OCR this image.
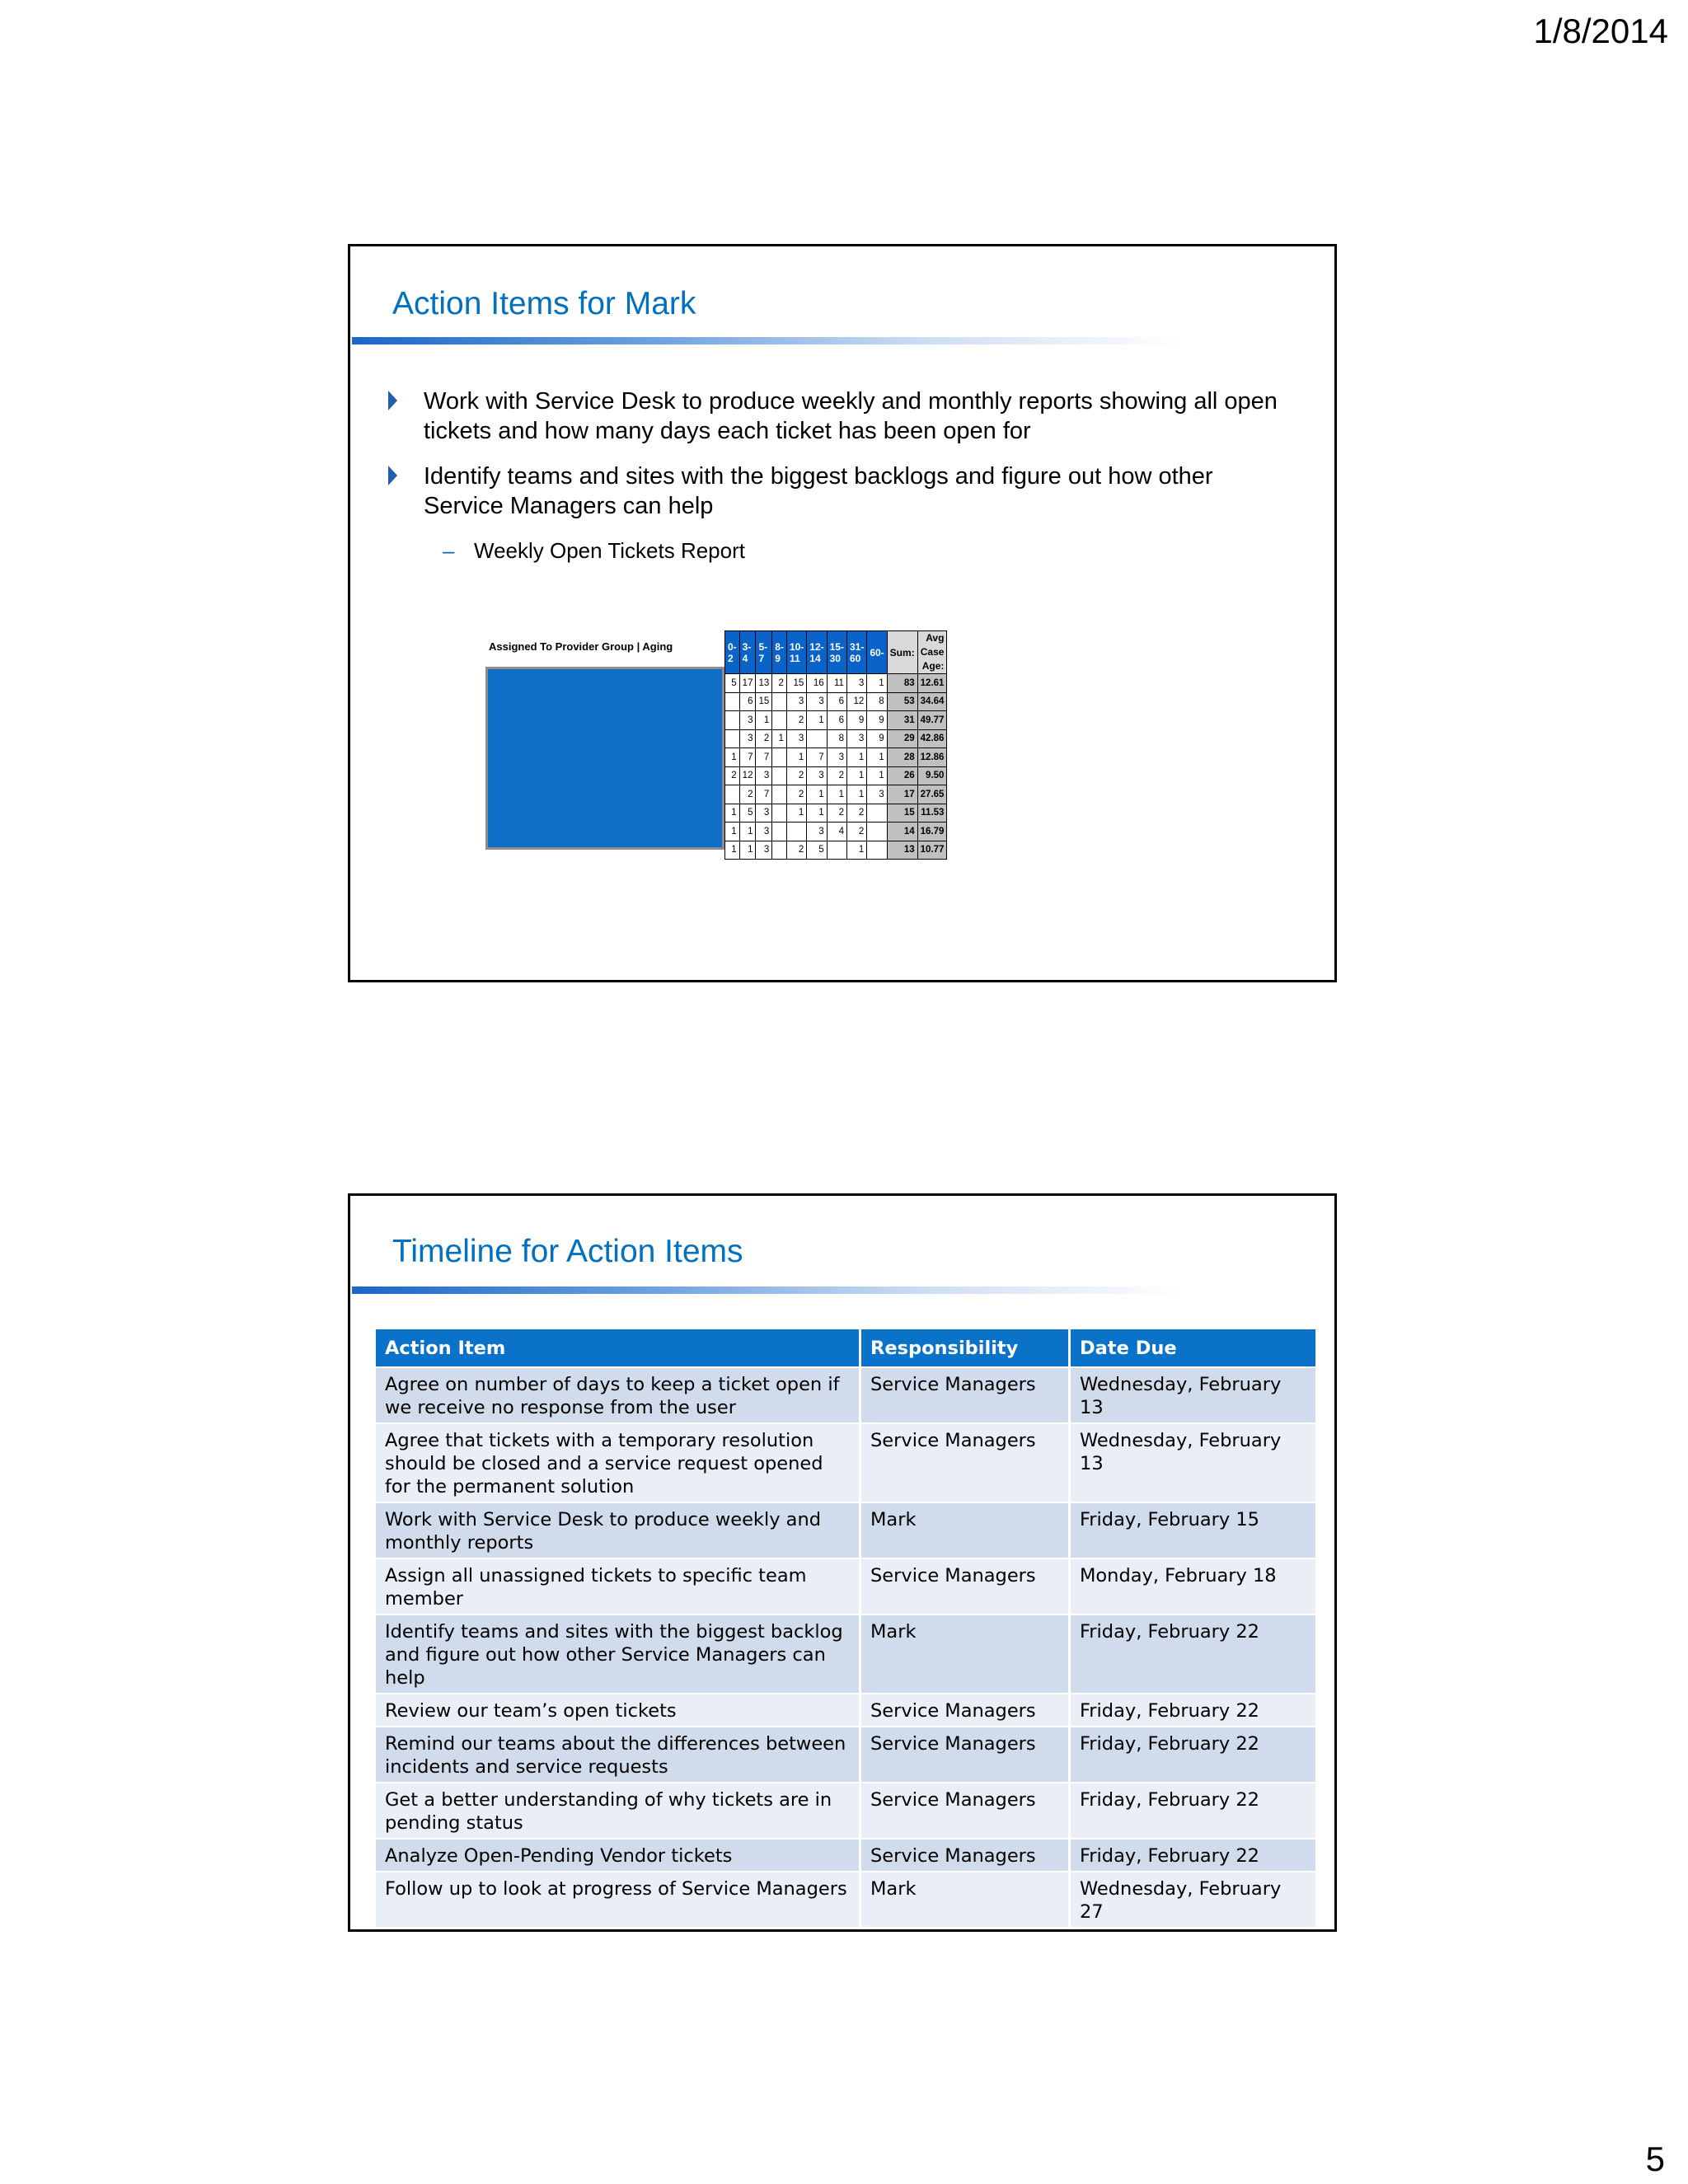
1/8/2014
Action Items for Mark
Work with Service Desk to produce weekly and monthly reports showing all open tickets and how many days each ticket has been open for
Identify teams and sites with the biggest backlogs and figure out how other Service Managers can help
– Weekly Open Tickets Report
Assigned To Provider Group | Aging	0-2	3-4	5-7	8-9	10-11	12-14	15-30	31-60	60-	Sum:	Avg Case Age:
5	17	13	2	15	16	11	3	1	83	12.61
	6	15		3	3	6	12	8	53	34.64
	3	1		2	1	6	9	9	31	49.77
	3	2	1	3		8	3	9	29	42.86
1	7	7		1	7	3	1	1	28	12.86
2	12	3		2	3	2	1	1	26	9.50
	2	7		2	1	1	1	3	17	27.65
1	5	3		1	1	2	2		15	11.53
1	1	3			3	4	2		14	16.79
1	1	3		2	5		1		13	10.77
Timeline for Action Items
Action Item	Responsibility	Date Due
Agree on number of days to keep a ticket open if we receive no response from the user	Service Managers	Wednesday, February 13
Agree that tickets with a temporary resolution should be closed and a service request opened for the permanent solution	Service Managers	Wednesday, February 13
Work with Service Desk to produce weekly and monthly reports	Mark	Friday, February 15
Assign all unassigned tickets to specific team member	Service Managers	Monday, February 18
Identify teams and sites with the biggest backlog and figure out how other Service Managers can help	Mark	Friday, February 22
Review our team’s open tickets	Service Managers	Friday, February 22
Remind our teams about the differences between incidents and service requests	Service Managers	Friday, February 22
Get a better understanding of why tickets are in pending status	Service Managers	Friday, February 22
Analyze Open-Pending Vendor tickets	Service Managers	Friday, February 22
Follow up to look at progress of Service Managers	Mark	Wednesday, February 27
5
